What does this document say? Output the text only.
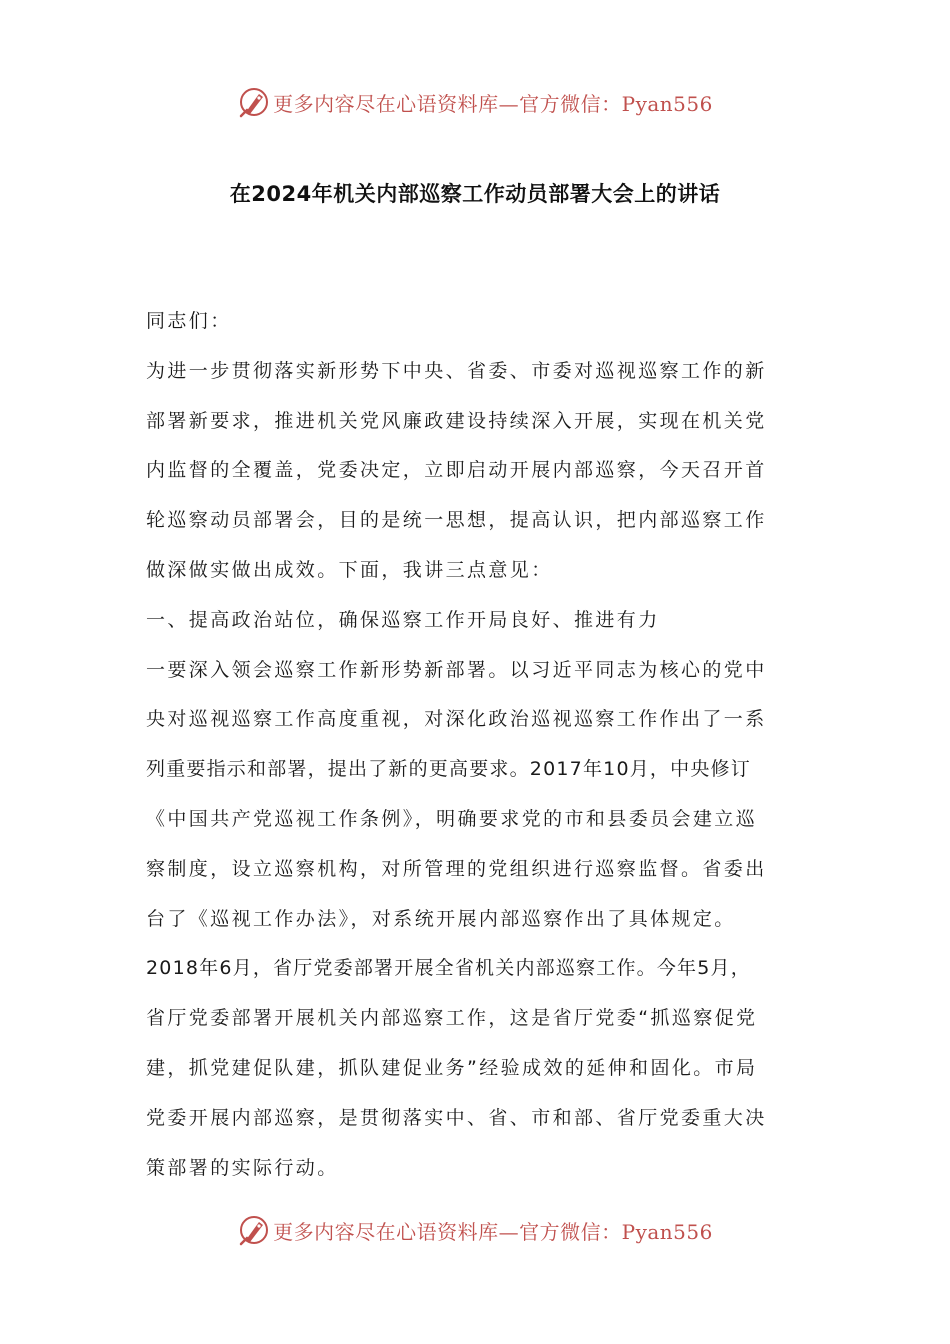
更多内容尽在心语资料库—官方微信：Pyan556
在2024年机关内部巡察工作动员部署大会上的讲话
同志们：
为进一步贯彻落实新形势下中央、省委、市委对巡视巡察工作的新
部署新要求，推进机关党风廉政建设持续深入开展，实现在机关党
内监督的全覆盖，党委决定，立即启动开展内部巡察，今天召开首
轮巡察动员部署会，目的是统一思想，提高认识，把内部巡察工作
做深做实做出成效。下面，我讲三点意见：
一、提高政治站位，确保巡察工作开局良好、推进有力
一要深入领会巡察工作新形势新部署。以习近平同志为核心的党中
央对巡视巡察工作高度重视，对深化政治巡视巡察工作作出了一系
列重要指示和部署，提出了新的更高要求。2017年10月，中央修订
《中国共产党巡视工作条例》，明确要求党的市和县委员会建立巡
察制度，设立巡察机构，对所管理的党组织进行巡察监督。省委出
台了《巡视工作办法》，对系统开展内部巡察作出了具体规定。
2018年6月，省厅党委部署开展全省机关内部巡察工作。今年5月，
省厅党委部署开展机关内部巡察工作，这是省厅党委“抓巡察促党
建，抓党建促队建，抓队建促业务”经验成效的延伸和固化。市局
党委开展内部巡察，是贯彻落实中、省、市和部、省厅党委重大决
策部署的实际行动。
更多内容尽在心语资料库—官方微信：Pyan556
